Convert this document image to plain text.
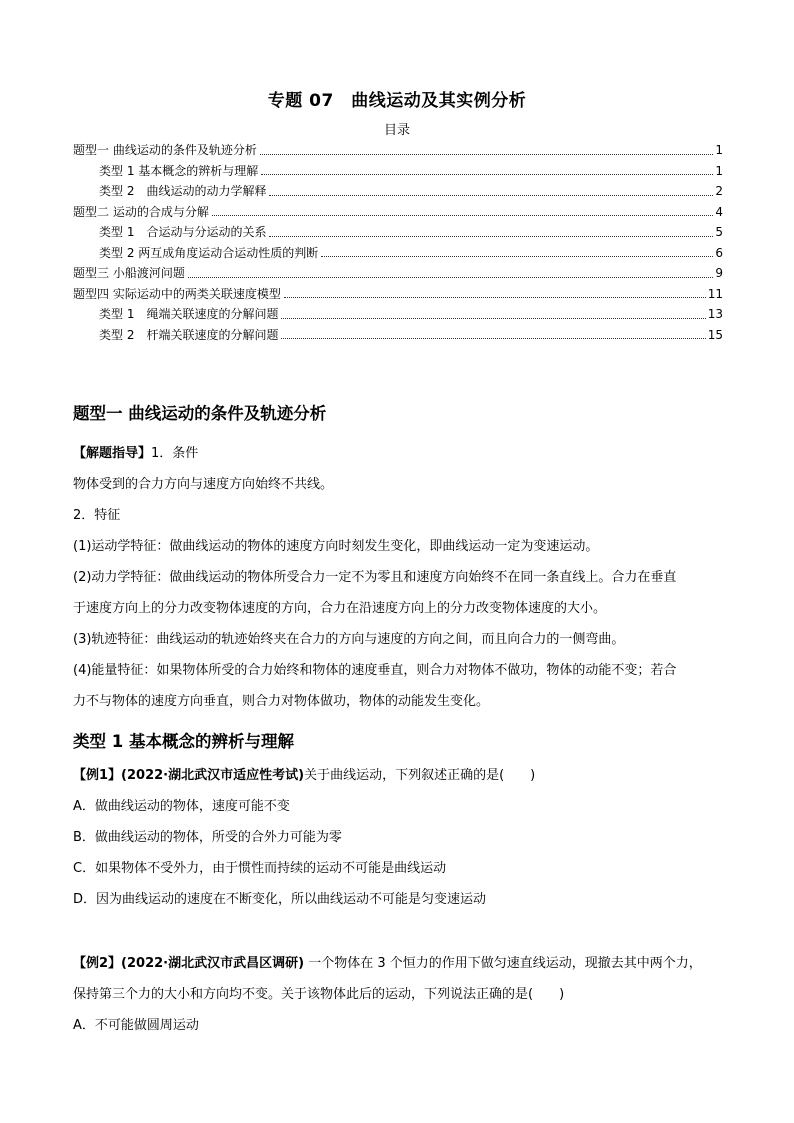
专题 07　曲线运动及其实例分析
目录
题型一 曲线运动的条件及轨迹分析	1
类型 1 基本概念的辨析与理解	1
类型 2　曲线运动的动力学解释	2
题型二 运动的合成与分解	4
类型 1　合运动与分运动的关系	5
类型 2 两互成角度运动合运动性质的判断	6
题型三 小船渡河问题	9
题型四 实际运动中的两类关联速度模型	11
类型 1　绳端关联速度的分解问题	13
类型 2　杆端关联速度的分解问题	15
题型一 曲线运动的条件及轨迹分析

【解题指导】1．条件

物体受到的合力方向与速度方向始终不共线。

2．特征

(1)运动学特征：做曲线运动的物体的速度方向时刻发生变化，即曲线运动一定为变速运动。

(2)动力学特征：做曲线运动的物体所受合力一定不为零且和速度方向始终不在同一条直线上。合力在垂直

于速度方向上的分力改变物体速度的方向，合力在沿速度方向上的分力改变物体速度的大小。

(3)轨迹特征：曲线运动的轨迹始终夹在合力的方向与速度的方向之间，而且向合力的一侧弯曲。

(4)能量特征：如果物体所受的合力始终和物体的速度垂直，则合力对物体不做功，物体的动能不变；若合

力不与物体的速度方向垂直，则合力对物体做功，物体的动能发生变化。

类型 1 基本概念的辨析与理解

【例1】(2022·湖北武汉市适应性考试)关于曲线运动，下列叙述正确的是(　　)

A．做曲线运动的物体，速度可能不变

B．做曲线运动的物体，所受的合外力可能为零

C．如果物体不受外力，由于惯性而持续的运动不可能是曲线运动

D．因为曲线运动的速度在不断变化，所以曲线运动不可能是匀变速运动

【例2】(2022·湖北武汉市武昌区调研) 一个物体在 3 个恒力的作用下做匀速直线运动，现撤去其中两个力，

保持第三个力的大小和方向均不变。关于该物体此后的运动，下列说法正确的是(　　)

A．不可能做圆周运动
